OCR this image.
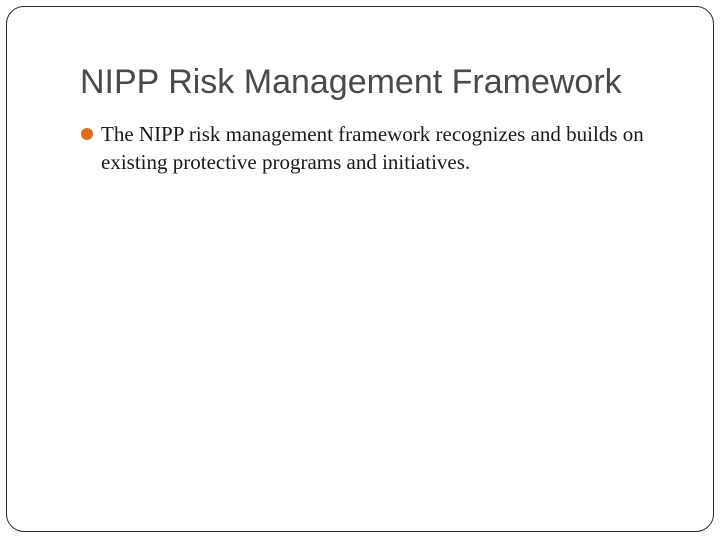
NIPP Risk Management Framework
The NIPP risk management framework recognizes and builds on existing protective programs and initiatives.
